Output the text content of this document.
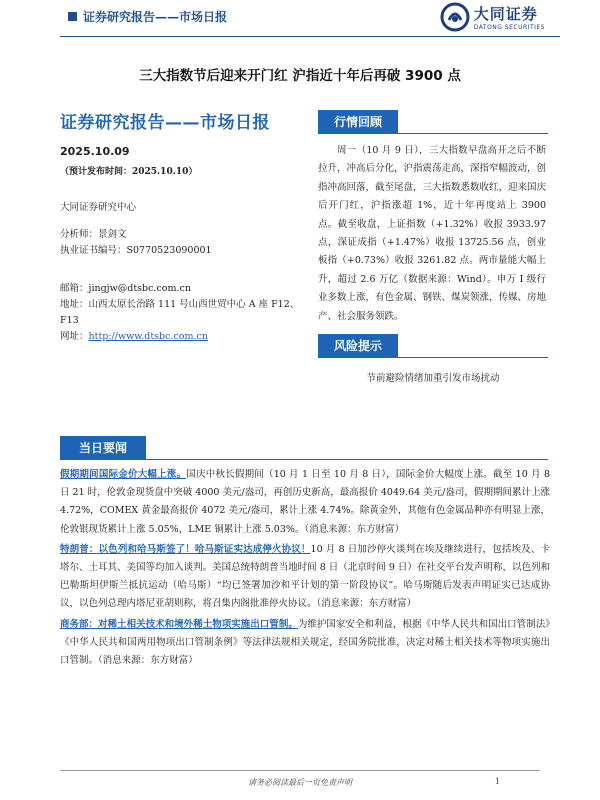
证券研究报告——市场日报	大同证券
DATONG SECURITIES
三大指数节后迎来开门红 沪指近十年后再破 3900 点
证券研究报告——市场日报
2025.10.09
（预计发布时间：2025.10.10）
大同证券研究中心
分析师：景剑文
执业证书编号：S0770523090001
邮箱：jingjw@dtsbc.com.cn
地址：山西太原长治路 111 号山西世贸中心 A 座 F12、F13
网址：http://www.dtsbc.com.cn
行情回顾
周一（10 月 9 日），三大指数早盘高开之后不断拉升，冲高后分化，沪指震荡走高，深指窄幅波动，创指冲高回落，截至尾盘，三大指数悉数收红，迎来国庆后开门红，沪指涨超 1%，近十年再度站上 3900 点。截至收盘，上证指数（+1.32%）收报 3933.97 点，深证成指（+1.47%）收报 13725.56 点，创业板指（+0.73%）收报 3261.82 点。两市量能大幅上升，超过 2.6 万亿（数据来源：Wind）。申万 I 级行业多数上涨，有色金属、钢铁、煤炭领涨，传媒、房地产、社会服务领跌。
风险提示
节前避险情绪加重引发市场扰动
当日要闻

假期期间国际金价大幅上涨。国庆中秋长假期间（10 月 1 日至 10 月 8 日），国际金价大幅度上涨。截至 10 月 8 日 21 时，伦敦金现货盘中突破 4000 美元/盎司，再创历史新高，最高报价 4049.64 美元/盎司，假期期间累计上涨 4.72%，COMEX 黄金最高报价 4072 美元/盎司，累计上涨 4.74%。除黄金外，其他有色金属品种亦有明显上涨，伦敦银现货累计上涨 5.05%，LME 铜累计上涨 5.03%。（消息来源：东方财富）

特朗普：以色列和哈马斯签了！哈马斯证实达成停火协议！10 月 8 日加沙停火谈判在埃及继续进行，包括埃及、卡塔尔、土耳其、美国等均加入谈判。美国总统特朗普当地时间 8 日（北京时间 9 日）在社交平台发声明称，以色列和巴勒斯坦伊斯兰抵抗运动（哈马斯）“均已签署加沙和平计划的第一阶段协议”。哈马斯随后发表声明证实已达成协议，以色列总理内塔尼亚胡则称，将召集内阁批准停火协议。（消息来源：东方财富）

商务部：对稀土相关技术和境外稀土物项实施出口管制。为维护国家安全和利益，根据《中华人民共和国出口管制法》《中华人民共和国两用物项出口管制条例》等法律法规相关规定，经国务院批准，决定对稀土相关技术等物项实施出口管制。（消息来源：东方财富）

请务必阅读最后一页免责声明	1
